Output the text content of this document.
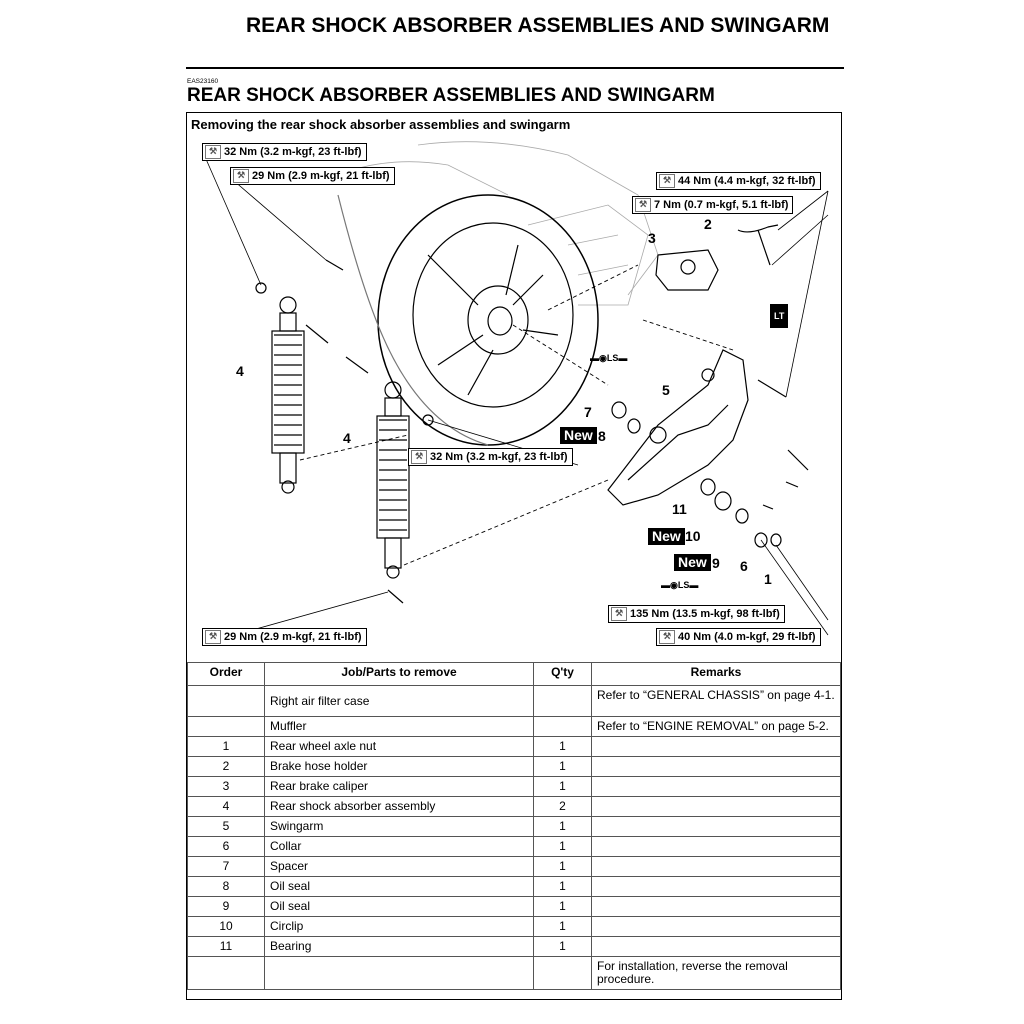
REAR SHOCK ABSORBER ASSEMBLIES AND SWINGARM
EAS23160
REAR SHOCK ABSORBER ASSEMBLIES AND SWINGARM
Removing the rear shock absorber assemblies and swingarm
⚒ 32 Nm (3.2 m-kgf, 23 ft-lbf)
⚒ 29 Nm (2.9 m-kgf, 21 ft-lbf)	⚒ 44 Nm (4.4 m-kgf, 32 ft-lbf)
⚒ 7 Nm (0.7 m-kgf, 5.1 ft-lbf)
⚒ 32 Nm (3.2 m-kgf, 23 ft-lbf)
⚒ 135 Nm (13.5 m-kgf, 98 ft-lbf)
⚒ 40 Nm (4.0 m-kgf, 29 ft-lbf)
⚒ 29 Nm (2.9 m-kgf, 21 ft-lbf)
1
2
3
4
4
5
6
7
New 8
New 9
New 10
11
▬◉LS▬
▬◉LS▬
LT
Order	Job/Parts to remove	Q'ty	Remarks
	Right air filter case		Refer to “GENERAL CHASSIS” on page 4-1.
	Muffler		Refer to “ENGINE REMOVAL” on page 5-2.
1	Rear wheel axle nut	1	
2	Brake hose holder	1	
3	Rear brake caliper	1	
4	Rear shock absorber assembly	2	
5	Swingarm	1	
6	Collar	1	
7	Spacer	1	
8	Oil seal	1	
9	Oil seal	1	
10	Circlip	1	
11	Bearing	1	
			For installation, reverse the removal procedure.
